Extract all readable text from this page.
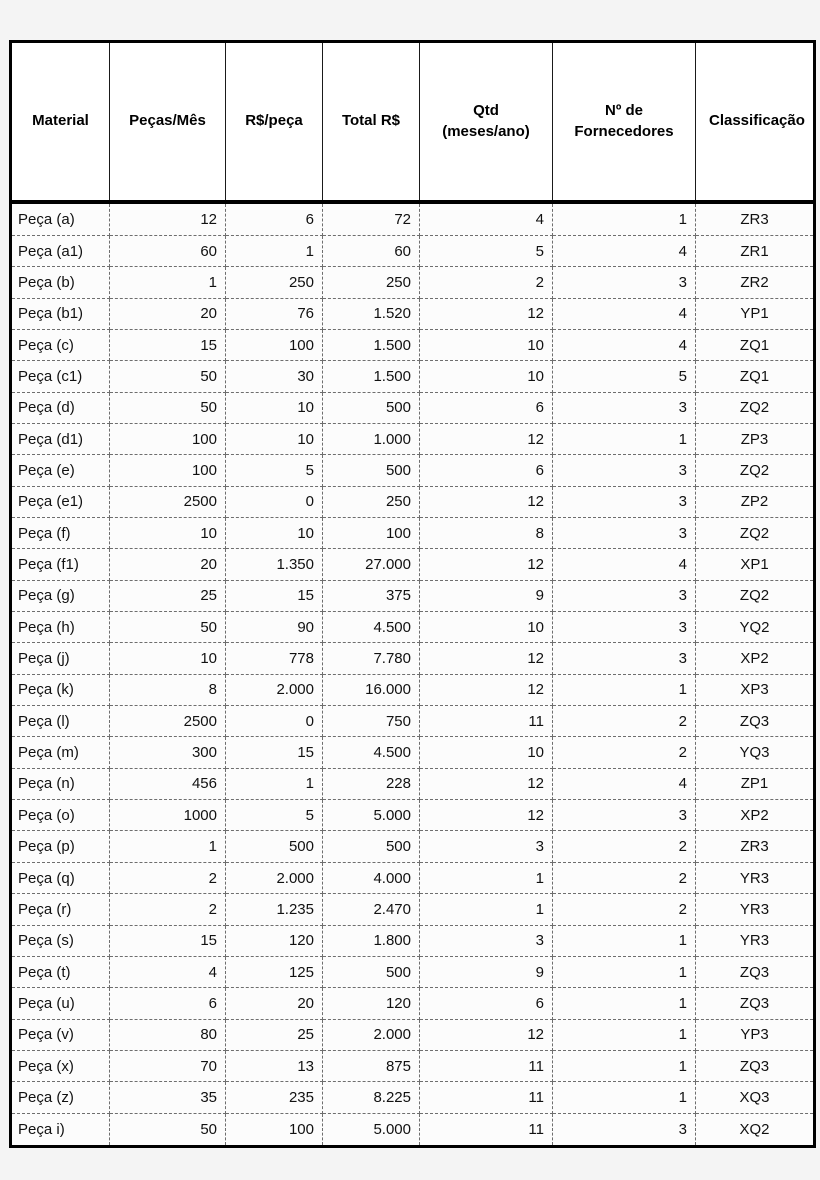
Material	Peças/Mês	R$/peça	Total R$	Qtd (meses/ano)	Nº de Fornecedores	Classificação
Peça (a)	12	6	72	4	1	ZR3
Peça (a1)	60	1	60	5	4	ZR1
Peça (b)	1	250	250	2	3	ZR2
Peça (b1)	20	76	1.520	12	4	YP1
Peça (c)	15	100	1.500	10	4	ZQ1
Peça (c1)	50	30	1.500	10	5	ZQ1
Peça (d)	50	10	500	6	3	ZQ2
Peça (d1)	100	10	1.000	12	1	ZP3
Peça (e)	100	5	500	6	3	ZQ2
Peça (e1)	2500	0	250	12	3	ZP2
Peça (f)	10	10	100	8	3	ZQ2
Peça (f1)	20	1.350	27.000	12	4	XP1
Peça (g)	25	15	375	9	3	ZQ2
Peça (h)	50	90	4.500	10	3	YQ2
Peça (j)	10	778	7.780	12	3	XP2
Peça (k)	8	2.000	16.000	12	1	XP3
Peça (l)	2500	0	750	11	2	ZQ3
Peça (m)	300	15	4.500	10	2	YQ3
Peça (n)	456	1	228	12	4	ZP1
Peça (o)	1000	5	5.000	12	3	XP2
Peça (p)	1	500	500	3	2	ZR3
Peça (q)	2	2.000	4.000	1	2	YR3
Peça (r)	2	1.235	2.470	1	2	YR3
Peça (s)	15	120	1.800	3	1	YR3
Peça (t)	4	125	500	9	1	ZQ3
Peça (u)	6	20	120	6	1	ZQ3
Peça (v)	80	25	2.000	12	1	YP3
Peça (x)	70	13	875	11	1	ZQ3
Peça (z)	35	235	8.225	11	1	XQ3
Peça i)	50	100	5.000	11	3	XQ2
